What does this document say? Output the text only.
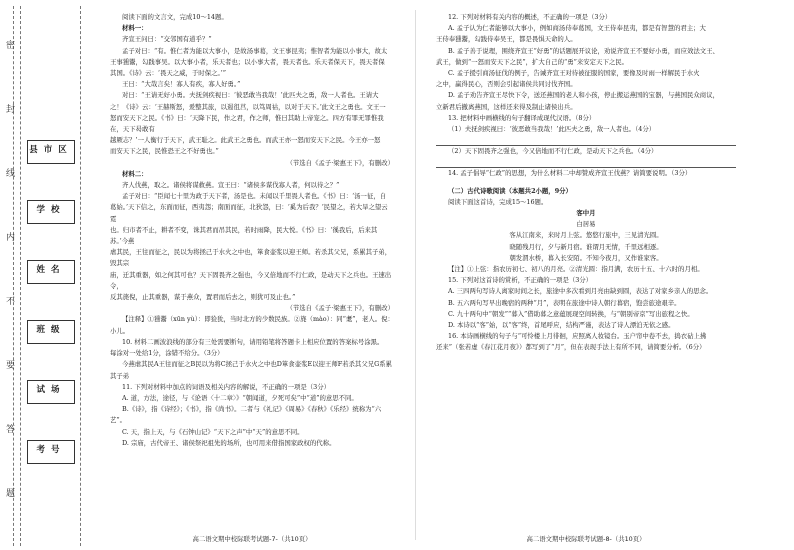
密
封
线
内
不
要
答
题
县市区
学校
姓名
班级
试场
考号

阅读下面的文言文，完成10～14题。

材料一：

齐宣王问曰：“交邻国有道乎？”

孟子对曰：“有。惟仁者为能以大事小，是故汤事葛，文王事昆夷；惟智者为能以小事大，故太

王事獯鬻，勾践事吴。以大事小者，乐天者也；以小事大者，畏天者也。乐天者保天下，畏天者保

其国。《诗》云：‘畏天之威，于时保之。’”

王曰：“大哉言矣！寡人有疾，寡人好勇。”

对曰：“王请无好小勇。夫抚剑疾视曰：‘彼恶敢当我哉！’此匹夫之勇，敌一人者也。王请大

之！《诗》云：‘王赫斯怒，爰整其旅，以遏徂莒，以笃周祜，以对于天下。’此文王之勇也。文王一

怒而安天下之民。《书》曰：‘天降下民，作之君，作之师，惟曰其助上帝宠之。四方有罪无罪惟我在，天下曷敢有

越厥志？’一人衡行于天下，武王耻之。此武王之勇也。而武王亦一怒而安天下之民。今王亦一怒

而安天下之民，民惟恐王之不好勇也。”

（节选自《孟子·梁惠王下》，有删改）

材料二：

齐人伐燕，取之。诸侯将谋救燕。宣王曰：“诸侯多谋伐寡人者，何以待之？”

孟子对曰：“臣闻七十里为政于天下者，汤是也。未闻以千里畏人者也。《书》曰：‘汤一征，自

葛始。’天下信之，东面而征，西夷怨；南面而征，北狄怨，曰：‘奚为后我？’民望之，若大旱之望云霓

也。归市者不止，耕者不变，诛其君而吊其民，若时雨降，民大悦。《书》曰：‘徯我后，后来其苏。’今燕

虐其民，王往而征之，民以为将拯己于水火之中也，箪食壶浆以迎王师。若杀其父兄，系累其子弟，毁其宗

庙，迁其重器，如之何其可也？天下固畏齐之强也，今又倍地而不行仁政，是动天下之兵也。王速出令，

反其旄倪，止其重器，谋于燕众，置君而后去之，则犹可及止也。”

（节选自《孟子·梁惠王下》，有删改）

【注释】①獯鬻（xūn yù）：即猃狁，当时北方的少数民族。②旄（mào）：同“耄”，老人。倪：

小儿。

10. 材料二画波浪线的部分有三处需要断句，请用铅笔将答题卡上相应位置的答案标号涂黑。

每涂对一处给1分，涂错不给分。（3分）

今燕虐其民A王往而征之B民以为将C拯己于水火之中也D箪食壶浆E以迎王师F若杀其父兄G系累其子弟

11. 下列对材料中加点的词语及相关内容的解说，不正确的一项是（3分）

A. 道，方法，途径，与《论语〈十二章〉》“朝闻道，夕死可矣”中“道”的意思不同。

B.《诗》，指《诗经》；《书》，指《尚书》。二者与《礼记》《周易》《春秋》《乐经》统称为“六艺”。

C. 天，指上天，与《石钟山记》“天下之声”中“天”的意思不同。

D. 宗庙，古代帝王、诸侯祭祀祖先的场所，也可用来借指国家政权的代称。

12. 下列对材料有关内容的概述，不正确的一项是（3分）

A. 孟子认为仁者能够以大事小，例如商汤侍奉葛国，文王侍奉昆夷，都是有智慧的君主；大

王侍奉獯鬻，勾践侍奉吴王，都是畏惧天命的人。

B. 孟子善于说理，围绕齐宣王“好勇”的话题展开议论，劝说齐宣王不要好小勇，而应效法文王、

武王，做到“一怒而安天下之民”，扩大自己的“勇”来安定天下之民。

C. 孟子援引商汤征伐的例子，告诫齐宣王对待被征服的国家，要像及时雨一样解民于水火

之中，赢得民心，否则会引起诸侯共同讨伐齐国。

D. 孟子劝告齐宣王尽快下令，送还燕国的老人和小孩，停止搬运燕国的宝器，与燕国民众商议，

立新君后撤离燕国，这样还来得及制止诸侯出兵。

13. 把材料中画横线的句子翻译成现代汉语。（8分）

（1）夫抚剑疾视曰：‘彼恶敢当我哉！’此匹夫之勇，敌一人者也。（4分）

（2）天下固畏齐之强也，今又倍地而不行仁政，是动天下之兵也。（4分）

14. 孟子倡导“仁政”的思想，为什么材料二中却赞成齐宣王伐燕？请简要说明。（3分）

（二）古代诗歌阅读（本题共2小题，9分）

阅读下面这首诗，完成15～16题。

客中月

白居易

客从江南来，来时月上弦。悠悠行旅中，三见清光圆。

晓随残月行，夕与新月宿。谁谓月无情，千里远相逐。

朝发渭水桥，暮入长安陌。不知今夜月，又作谁家客。

【注】①上弦：指农历初七、初八的月亮。②清光圆：指月满，农历十五、十六时的月相。

15. 下列对这首诗的赏析，不正确的一项是（3分）

A. 三四两句写诗人离家时间之长，旅途中多次看到月亮由缺到圆，表达了对家乡亲人的思念。

B. 五六两句写早出晚宿的两种“月”，表明在旅途中诗人朝行暮宿，饱尝旅途艰辛。

C. 九十两句中“朝发”“暮入”借助暮之意蕴展现空间转换，与“朝别帝京”写出旅程之快。

D. 本诗以“客”始，以“客”终，首尾呼应，结构严谨，表达了诗人漂泊无依之感。

16. 本诗画横线的句子与“可怜楼上月徘徊，应照离人妆镜台。玉户帘中卷不去，捣衣砧上拂

还来”（张若虚《春江花月夜》）都写到了“月”，但在表现手法上有所不同，请简要分析。（6分）

高二语文期中校际联考试题-7-（共10页）	高二语文期中校际联考试题-8-（共10页）
